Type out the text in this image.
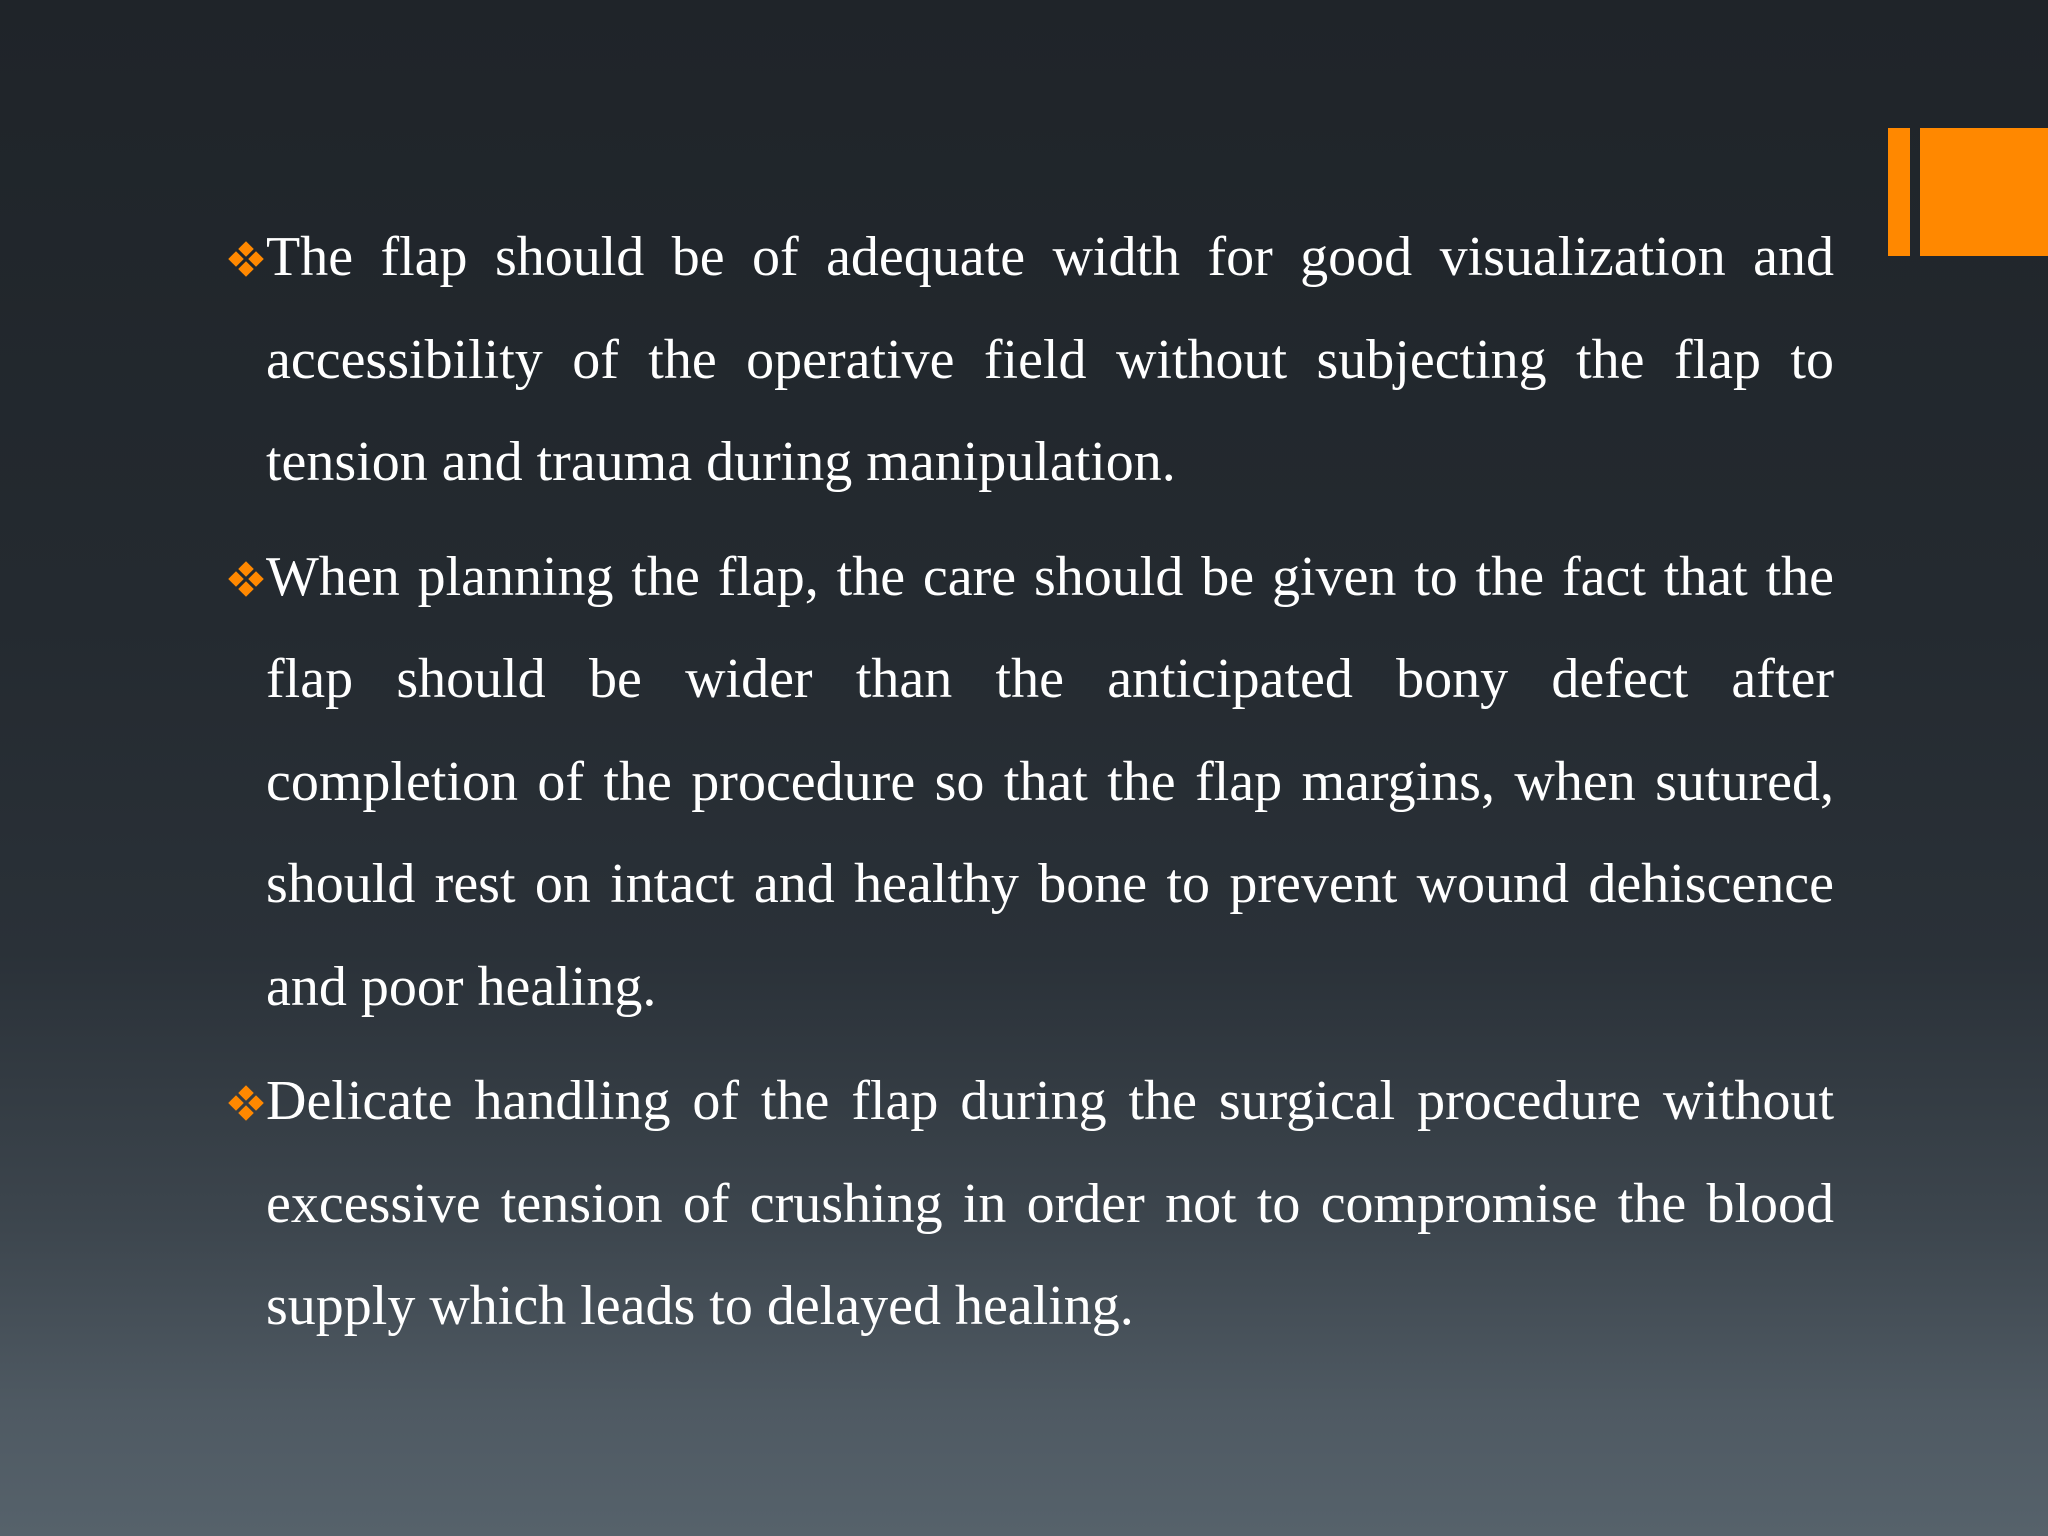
The flap should be of adequate width for good visualization and accessibility of the operative field without subjecting the flap to tension and trauma during manipulation.

When planning the flap, the care should be given to the fact that the flap should be wider than the anticipated bony defect after completion of the procedure so that the flap margins, when sutured, should rest on intact and healthy bone to prevent wound dehiscence and poor healing.

Delicate handling of the flap during the surgical procedure without excessive tension of crushing in order not to compromise the blood supply which leads to delayed healing.
